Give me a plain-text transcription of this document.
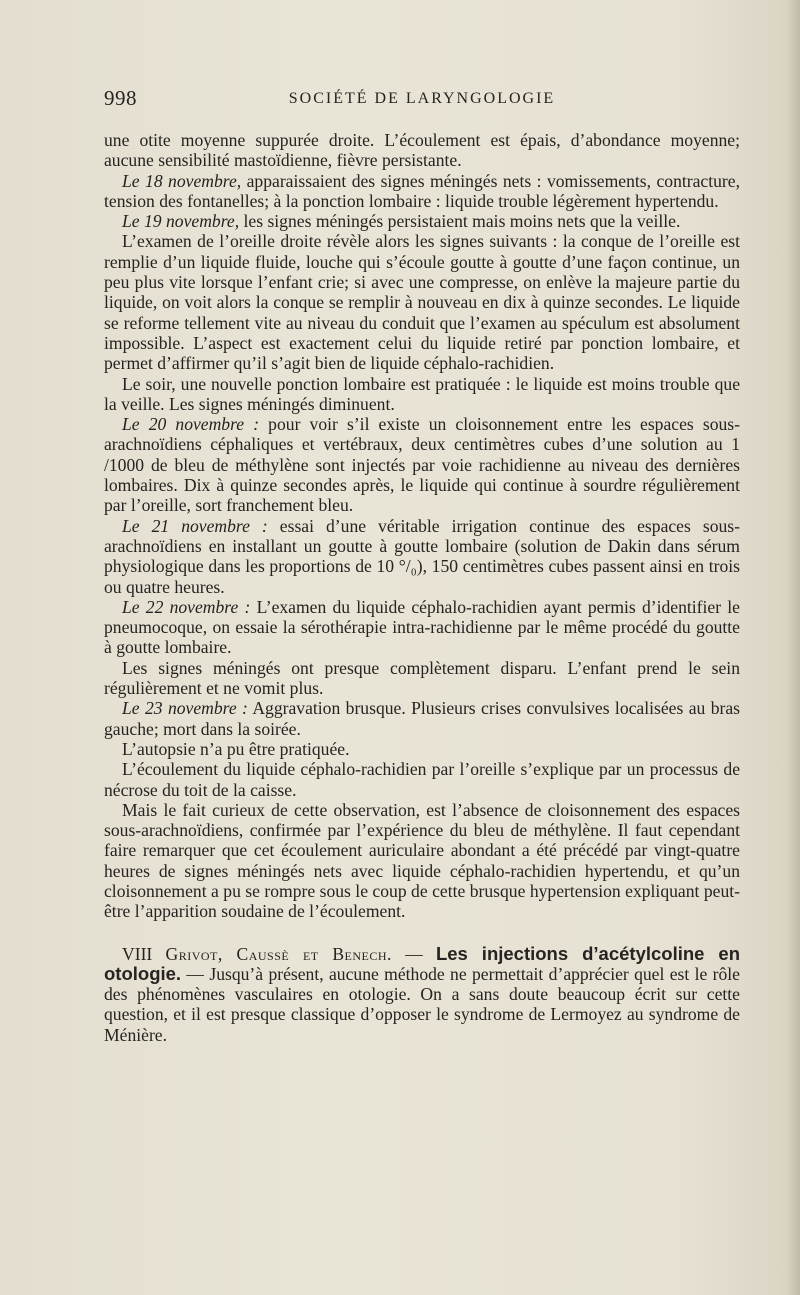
998	SOCIÉTÉ DE LARYNGOLOGIE

une otite moyenne suppurée droite. L’écoulement est épais, d’abondance moyenne; aucune sensibilité mastoïdienne, fièvre persistante.

Le 18 novembre, apparaissaient des signes méningés nets : vomissements, contracture, tension des fontanelles; à la ponction lombaire : liquide trouble légèrement hypertendu.

Le 19 novembre, les signes méningés persistaient mais moins nets que la veille.

L’examen de l’oreille droite révèle alors les signes suivants : la conque de l’oreille est remplie d’un liquide fluide, louche qui s’écoule goutte à goutte d’une façon continue, un peu plus vite lorsque l’enfant crie; si avec une compresse, on enlève la majeure partie du liquide, on voit alors la conque se remplir à nouveau en dix à quinze secondes. Le liquide se reforme tellement vite au niveau du conduit que l’examen au spéculum est absolument impossible. L’aspect est exactement celui du liquide retiré par ponction lombaire, et permet d’affirmer qu’il s’agit bien de liquide céphalo-rachidien.

Le soir, une nouvelle ponction lombaire est pratiquée : le liquide est moins trouble que la veille. Les signes méningés diminuent.

Le 20 novembre : pour voir s’il existe un cloisonnement entre les espaces sous-arachnoïdiens céphaliques et vertébraux, deux centimètres cubes d’une solution au 1 /1000 de bleu de méthylène sont injectés par voie rachidienne au niveau des dernières lombaires. Dix à quinze secondes après, le liquide qui continue à sourdre régulièrement par l’oreille, sort franchement bleu.

Le 21 novembre : essai d’une véritable irrigation continue des espaces sous-arachnoïdiens en installant un goutte à goutte lombaire (solution de Dakin dans sérum physiologique dans les proportions de 10 °/₀), 150 centimètres cubes passent ainsi en trois ou quatre heures.

Le 22 novembre : L’examen du liquide céphalo-rachidien ayant permis d’identifier le pneumocoque, on essaie la sérothérapie intra-rachidienne par le même procédé du goutte à goutte lombaire.

Les signes méningés ont presque complètement disparu. L’enfant prend le sein régulièrement et ne vomit plus.

Le 23 novembre : Aggravation brusque. Plusieurs crises convulsives localisées au bras gauche; mort dans la soirée.

L’autopsie n’a pu être pratiquée.

L’écoulement du liquide céphalo-rachidien par l’oreille s’explique par un processus de nécrose du toit de la caisse.

Mais le fait curieux de cette observation, est l’absence de cloisonnement des espaces sous-arachnoïdiens, confirmée par l’expérience du bleu de méthylène. Il faut cependant faire remarquer que cet écoulement auriculaire abondant a été précédé par vingt-quatre heures de signes méningés nets avec liquide céphalo-rachidien hypertendu, et qu’un cloisonnement a pu se rompre sous le coup de cette brusque hypertension expliquant peut-être l’apparition soudaine de l’écoulement.

VIII Grivot, Caussè et Benech. — Les injections d’acétylcoline en otologie. — Jusqu’à présent, aucune méthode ne permettait d’apprécier quel est le rôle des phénomènes vasculaires en otologie. On a sans doute beaucoup écrit sur cette question, et il est presque classique d’opposer le syndrome de Lermoyez au syndrome de Ménière.
